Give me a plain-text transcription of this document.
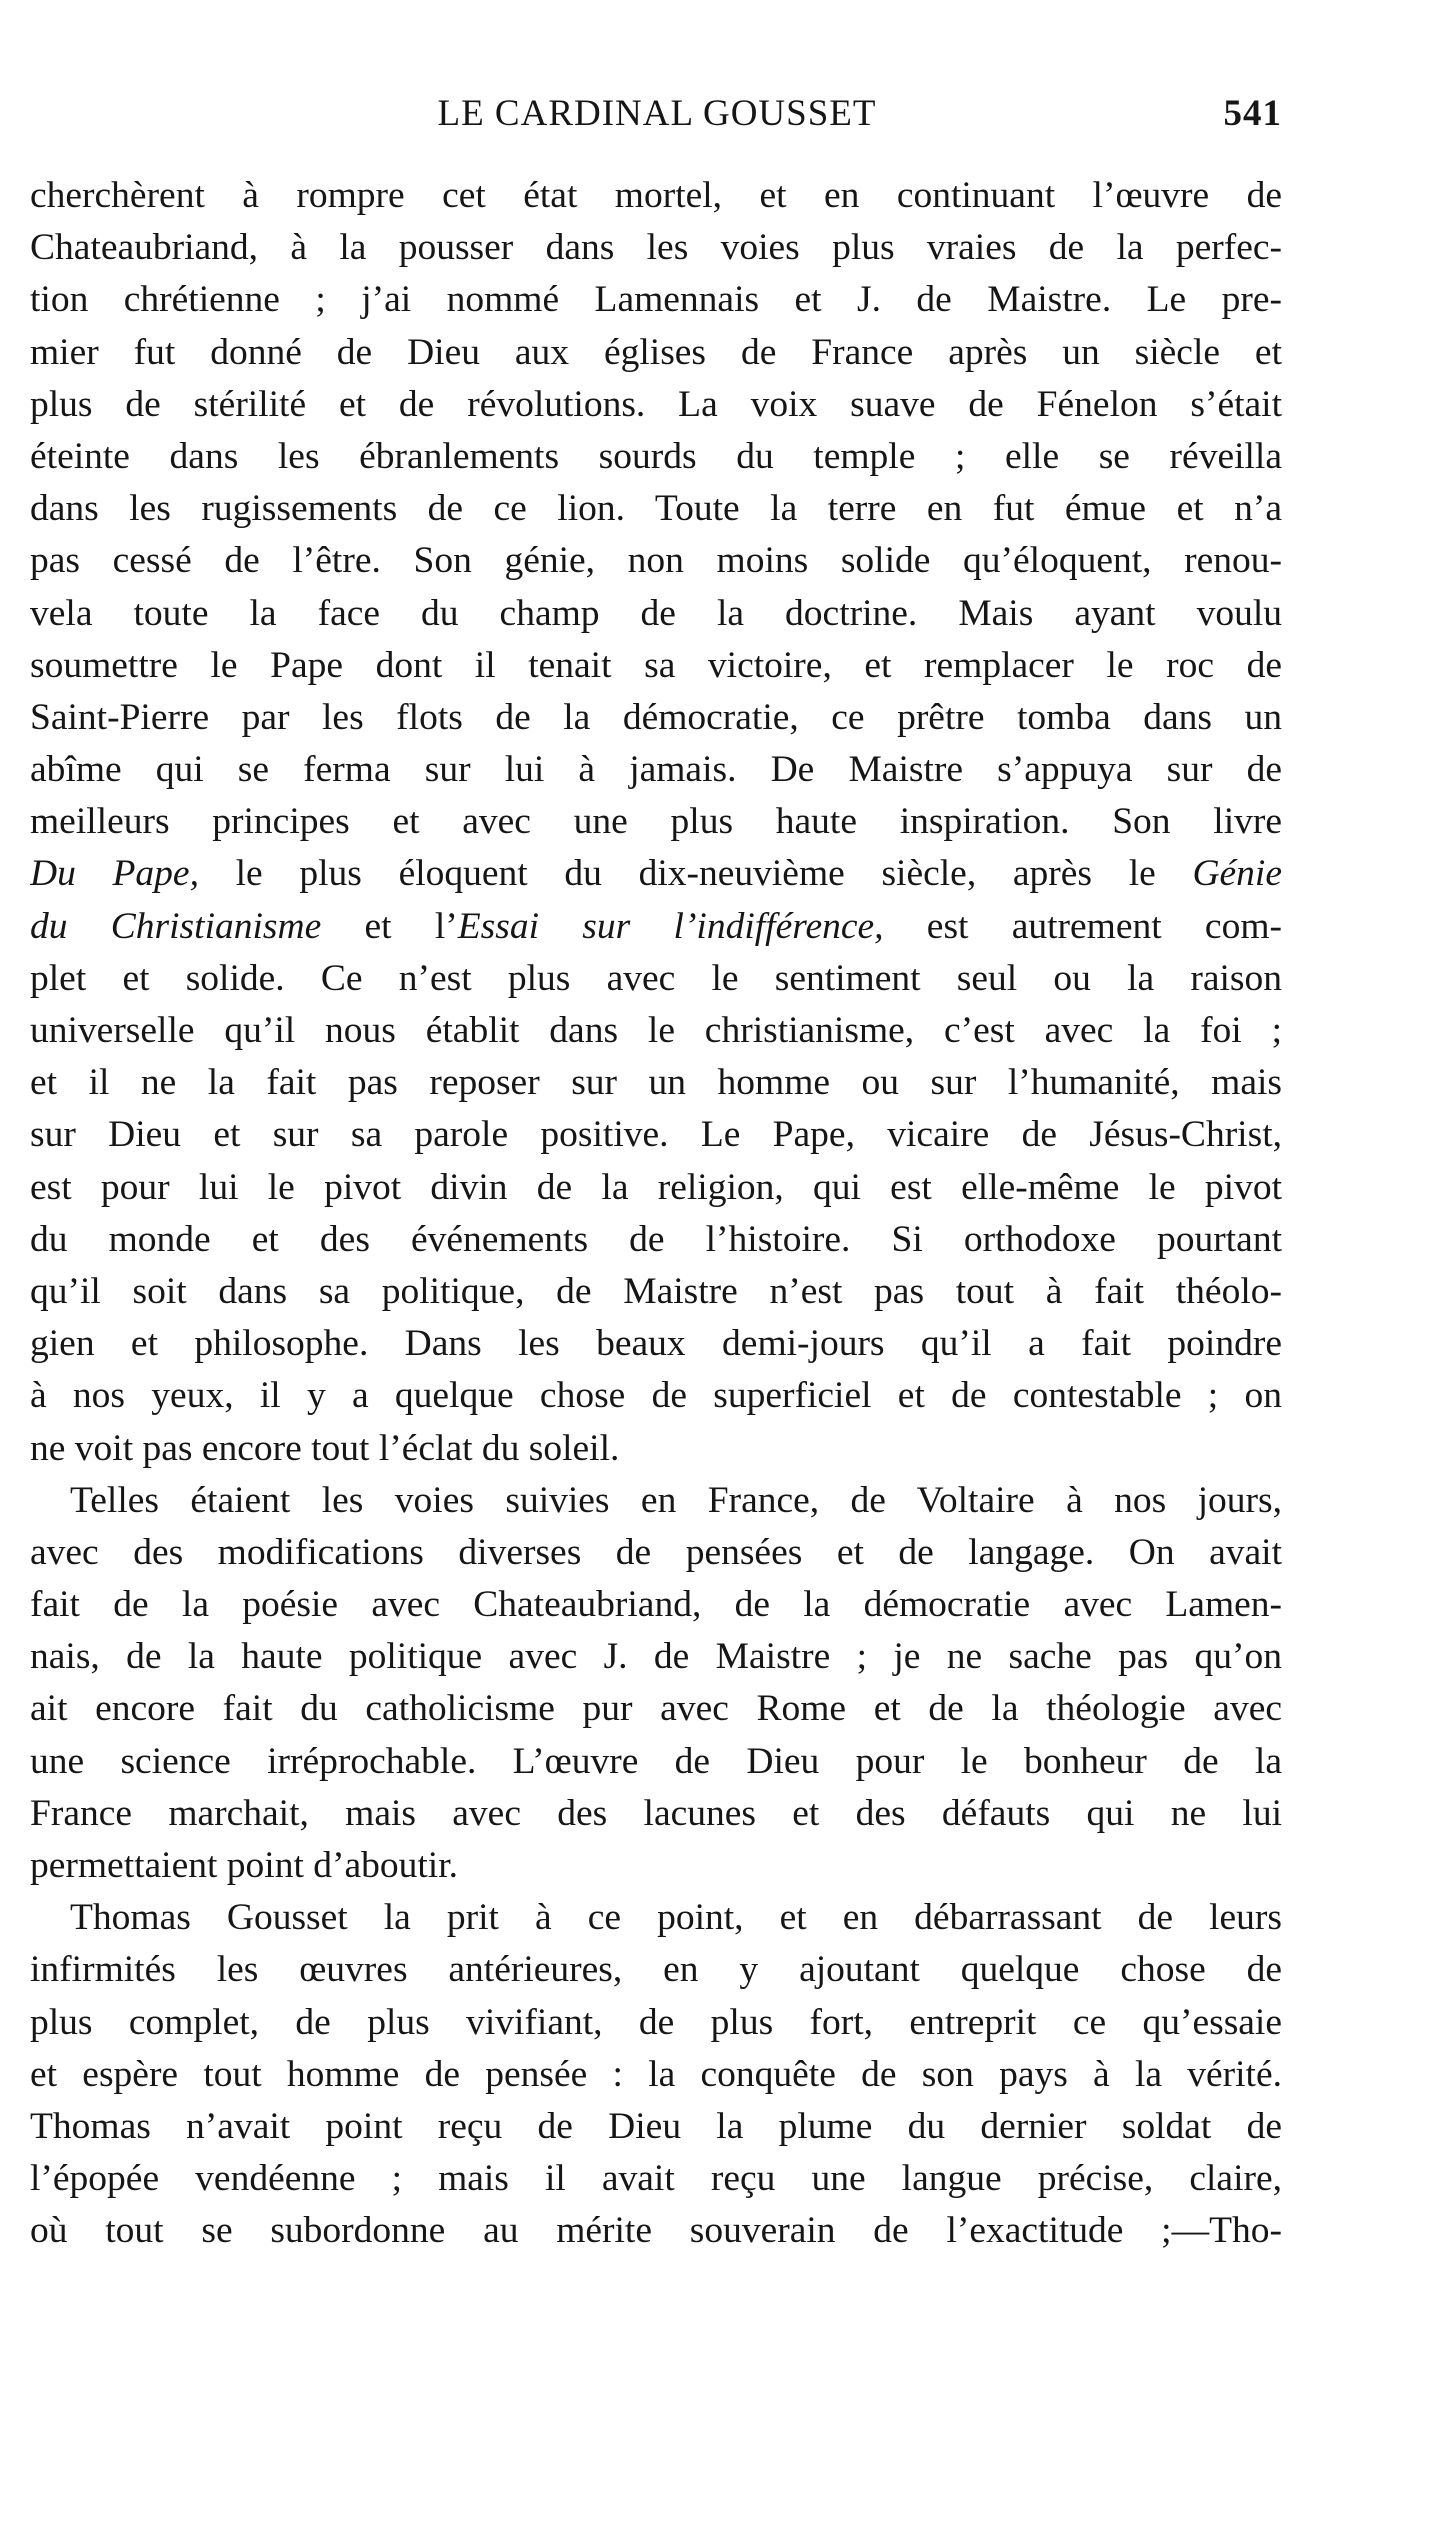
LE CARDINAL GOUSSET	541
cherchèrent à rompre cet état mortel, et en continuant l’œuvre de
Chateaubriand, à la pousser dans les voies plus vraies de la perfec-
tion chrétienne ; j’ai nommé Lamennais et J. de Maistre. Le pre-
mier fut donné de Dieu aux églises de France après un siècle et
plus de stérilité et de révolutions. La voix suave de Fénelon s’était
éteinte dans les ébranlements sourds du temple ; elle se réveilla
dans les rugissements de ce lion. Toute la terre en fut émue et n’a
pas cessé de l’être. Son génie, non moins solide qu’éloquent, renou-
vela toute la face du champ de la doctrine. Mais ayant voulu
soumettre le Pape dont il tenait sa victoire, et remplacer le roc de
Saint-Pierre par les flots de la démocratie, ce prêtre tomba dans un
abîme qui se ferma sur lui à jamais. De Maistre s’appuya sur de
meilleurs principes et avec une plus haute inspiration. Son livre
Du Pape, le plus éloquent du dix-neuvième siècle, après le Génie
du Christianisme et l’Essai sur l’indifférence, est autrement com-
plet et solide. Ce n’est plus avec le sentiment seul ou la raison
universelle qu’il nous établit dans le christianisme, c’est avec la foi ;
et il ne la fait pas reposer sur un homme ou sur l’humanité, mais
sur Dieu et sur sa parole positive. Le Pape, vicaire de Jésus-Christ,
est pour lui le pivot divin de la religion, qui est elle-même le pivot
du monde et des événements de l’histoire. Si orthodoxe pourtant
qu’il soit dans sa politique, de Maistre n’est pas tout à fait théolo-
gien et philosophe. Dans les beaux demi-jours qu’il a fait poindre
à nos yeux, il y a quelque chose de superficiel et de contestable ; on
ne voit pas encore tout l’éclat du soleil.
Telles étaient les voies suivies en France, de Voltaire à nos jours,
avec des modifications diverses de pensées et de langage. On avait
fait de la poésie avec Chateaubriand, de la démocratie avec Lamen-
nais, de la haute politique avec J. de Maistre ; je ne sache pas qu’on
ait encore fait du catholicisme pur avec Rome et de la théologie avec
une science irréprochable. L’œuvre de Dieu pour le bonheur de la
France marchait, mais avec des lacunes et des défauts qui ne lui
permettaient point d’aboutir.
Thomas Gousset la prit à ce point, et en débarrassant de leurs
infirmités les œuvres antérieures, en y ajoutant quelque chose de
plus complet, de plus vivifiant, de plus fort, entreprit ce qu’essaie
et espère tout homme de pensée : la conquête de son pays à la vérité.
Thomas n’avait point reçu de Dieu la plume du dernier soldat de
l’épopée vendéenne ; mais il avait reçu une langue précise, claire,
où tout se subordonne au mérite souverain de l’exactitude ;—Tho-
